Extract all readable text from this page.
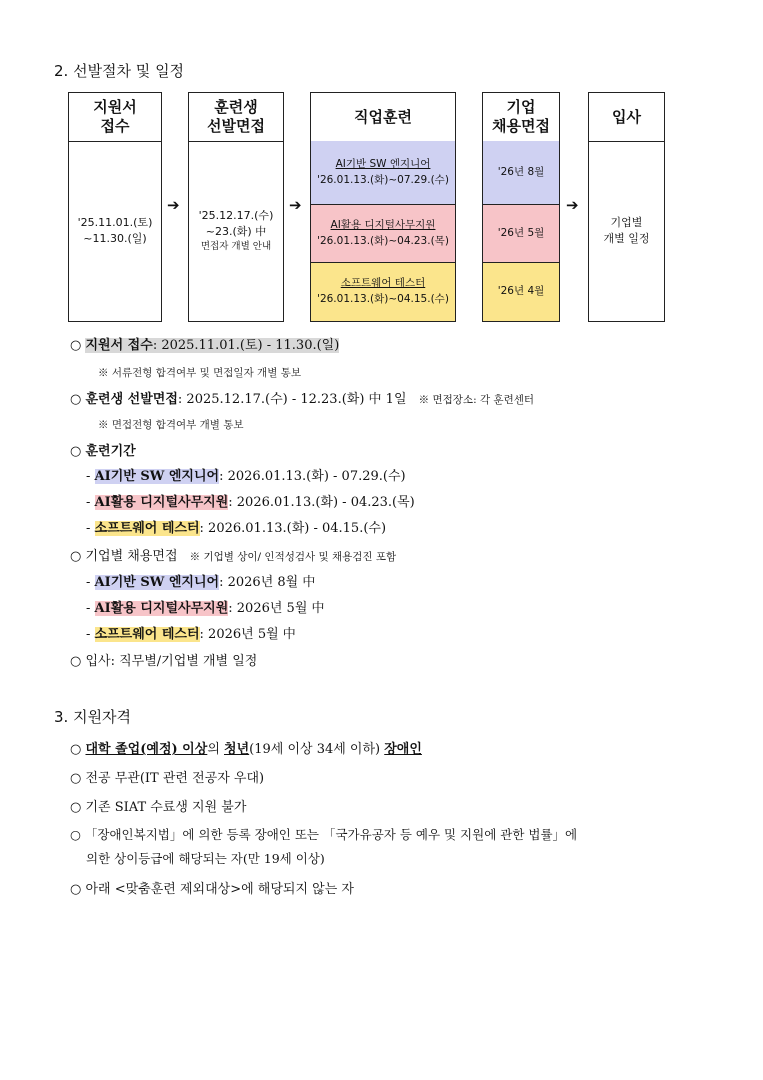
2. 선발절차 및 일정
지원서
접수
'25.11.01.(토)
~11.30.(일)
➔
훈련생
선발면접
'25.12.17.(수)
~23.(화) 中
면접자 개별 안내
➔
직업훈련
AI기반 SW 엔지니어
'26.01.13.(화)~07.29.(수)
AI활용 디지털사무지원
'26.01.13.(화)~04.23.(목)
소프트웨어 테스터
'26.01.13.(화)~04.15.(수)
기업
채용면접
'26년 8월
'26년 5월
'26년 4월
➔
입사
기업별
개별 일정
○ 지원서 접수: 2025.11.01.(토) - 11.30.(일)
※ 서류전형 합격여부 및 면접일자 개별 통보
○ 훈련생 선발면접: 2025.12.17.(수) - 12.23.(화) 中 1일 ※ 면접장소: 각 훈련센터
※ 면접전형 합격여부 개별 통보
○ 훈련기간
- AI기반 SW 엔지니어: 2026.01.13.(화) - 07.29.(수)
- AI활용 디지털사무지원: 2026.01.13.(화) - 04.23.(목)
- 소프트웨어 테스터: 2026.01.13.(화) - 04.15.(수)
○ 기업별 채용면접 ※ 기업별 상이/ 인적성검사 및 채용검진 포함
- AI기반 SW 엔지니어: 2026년 8월 中
- AI활용 디지털사무지원: 2026년 5월 中
- 소프트웨어 테스터: 2026년 5월 中
○ 입사: 직무별/기업별 개별 일정
3. 지원자격
○ 대학 졸업(예정) 이상의 청년(19세 이상 34세 이하) 장애인
○ 전공 무관(IT 관련 전공자 우대)
○ 기존 SIAT 수료생 지원 불가
○ 「장애인복지법」에 의한 등록 장애인 또는 「국가유공자 등 예우 및 지원에 관한 법률」에
의한 상이등급에 해당되는 자(만 19세 이상)
○ 아래 <맞춤훈련 제외대상>에 해당되지 않는 자
